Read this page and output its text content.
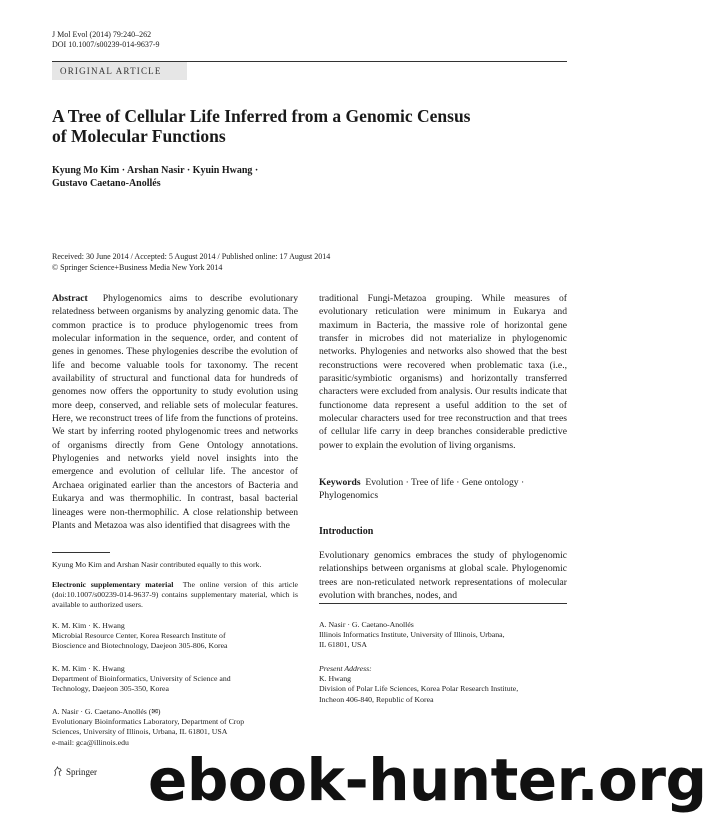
J Mol Evol (2014) 79:240–262
DOI 10.1007/s00239-014-9637-9
ORIGINAL ARTICLE
A Tree of Cellular Life Inferred from a Genomic Census
of Molecular Functions
Kyung Mo Kim · Arshan Nasir · Kyuin Hwang ·
Gustavo Caetano-Anollés
Received: 30 June 2014 / Accepted: 5 August 2014 / Published online: 17 August 2014
© Springer Science+Business Media New York 2014
Abstract Phylogenomics aims to describe evolutionary relatedness between organisms by analyzing genomic data. The common practice is to produce phylogenomic trees from molecular information in the sequence, order, and content of genes in genomes. These phylogenies describe the evolution of life and become valuable tools for taxonomy. The recent availability of structural and functional data for hundreds of genomes now offers the opportunity to study evolution using more deep, conserved, and reliable sets of molecular features. Here, we reconstruct trees of life from the functions of proteins. We start by inferring rooted phylogenomic trees and networks of organisms directly from Gene Ontology annotations. Phylogenies and networks yield novel insights into the emergence and evolution of cellular life. The ancestor of Archaea originated earlier than the ancestors of Bacteria and Eukarya and was thermophilic. In contrast, basal bacterial lineages were non-thermophilic. A close relationship between Plants and Metazoa was also identified that disagrees with the
traditional Fungi-Metazoa grouping. While measures of evolutionary reticulation were minimum in Eukarya and maximum in Bacteria, the massive role of horizontal gene transfer in microbes did not materialize in phylogenomic networks. Phylogenies and networks also showed that the best reconstructions were recovered when problematic taxa (i.e., parasitic/symbiotic organisms) and horizontally transferred characters were excluded from analysis. Our results indicate that functionome data represent a useful addition to the set of molecular characters used for tree reconstruction and that trees of cellular life carry in deep branches considerable predictive power to explain the evolution of living organisms.
Keywords Evolution · Tree of life · Gene ontology · Phylogenomics
Introduction
Evolutionary genomics embraces the study of phylogenomic relationships between organisms at global scale. Phylogenomic trees are non-reticulated network representations of molecular evolution with branches, nodes, and
Kyung Mo Kim and Arshan Nasir contributed equally to this work.
Electronic supplementary material The online version of this article (doi:10.1007/s00239-014-9637-9) contains supplementary material, which is available to authorized users.
K. M. Kim · K. Hwang
Microbial Resource Center, Korea Research Institute of
Bioscience and Biotechnology, Daejeon 305-806, Korea
K. M. Kim · K. Hwang
Department of Bioinformatics, University of Science and
Technology, Daejeon 305-350, Korea
A. Nasir · G. Caetano-Anollés (✉)
Evolutionary Bioinformatics Laboratory, Department of Crop
Sciences, University of Illinois, Urbana, IL 61801, USA
e-mail: gca@illinois.edu
A. Nasir · G. Caetano-Anollés
Illinois Informatics Institute, University of Illinois, Urbana,
IL 61801, USA
Present Address:
K. Hwang
Division of Polar Life Sciences, Korea Polar Research Institute,
Incheon 406-840, Republic of Korea
Springer ebook-hunter.org
